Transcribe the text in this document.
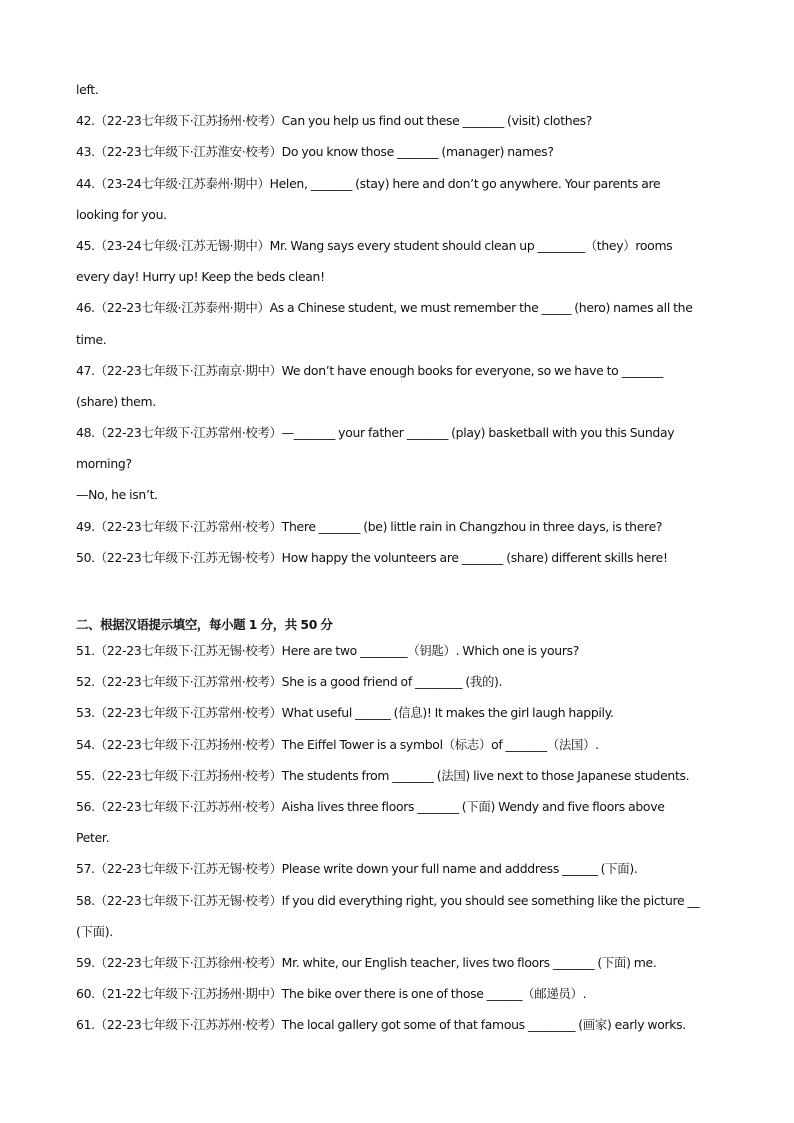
left.
42.（22-23七年级下·江苏扬州·校考）Can you help us find out these _______ (visit) clothes?
43.（22-23七年级下·江苏淮安·校考）Do you know those _______ (manager) names?
44.（23-24七年级·江苏泰州·期中）Helen, _______ (stay) here and don’t go anywhere. Your parents are
looking for you.
45.（23-24七年级·江苏无锡·期中）Mr. Wang says every student should clean up ________（they）rooms
every day! Hurry up! Keep the beds clean!
46.（22-23七年级·江苏泰州·期中）As a Chinese student, we must remember the _____ (hero) names all the
time.
47.（22-23七年级下·江苏南京·期中）We don’t have enough books for everyone, so we have to _______
(share) them.
48.（22-23七年级下·江苏常州·校考）—_______ your father _______ (play) basketball with you this Sunday
morning?
—No, he isn’t.
49.（22-23七年级下·江苏常州·校考）There _______ (be) little rain in Changzhou in three days, is there?
50.（22-23七年级下·江苏无锡·校考）How happy the volunteers are _______ (share) different skills here!
二、根据汉语提示填空，每小题 1 分，共 50 分
51.（22-23七年级下·江苏无锡·校考）Here are two ________（钥匙）. Which one is yours?
52.（22-23七年级下·江苏常州·校考）She is a good friend of ________ (我的).
53.（22-23七年级下·江苏常州·校考）What useful ______ (信息)! It makes the girl laugh happily.
54.（22-23七年级下·江苏扬州·校考）The Eiffel Tower is a symbol（标志）of _______（法国）.
55.（22-23七年级下·江苏扬州·校考）The students from _______ (法国) live next to those Japanese students.
56.（22-23七年级下·江苏苏州·校考）Aisha lives three floors _______ (下面) Wendy and five floors above
Peter.
57.（22-23七年级下·江苏无锡·校考）Please write down your full name and adddress ______ (下面).
58.（22-23七年级下·江苏无锡·校考）If you did everything right, you should see something like the picture __
(下面).
59.（22-23七年级下·江苏徐州·校考）Mr. white, our English teacher, lives two floors _______ (下面) me.
60.（21-22七年级下·江苏扬州·期中）The bike over there is one of those ______（邮递员）.
61.（22-23七年级下·江苏苏州·校考）The local gallery got some of that famous ________ (画家) early works.
